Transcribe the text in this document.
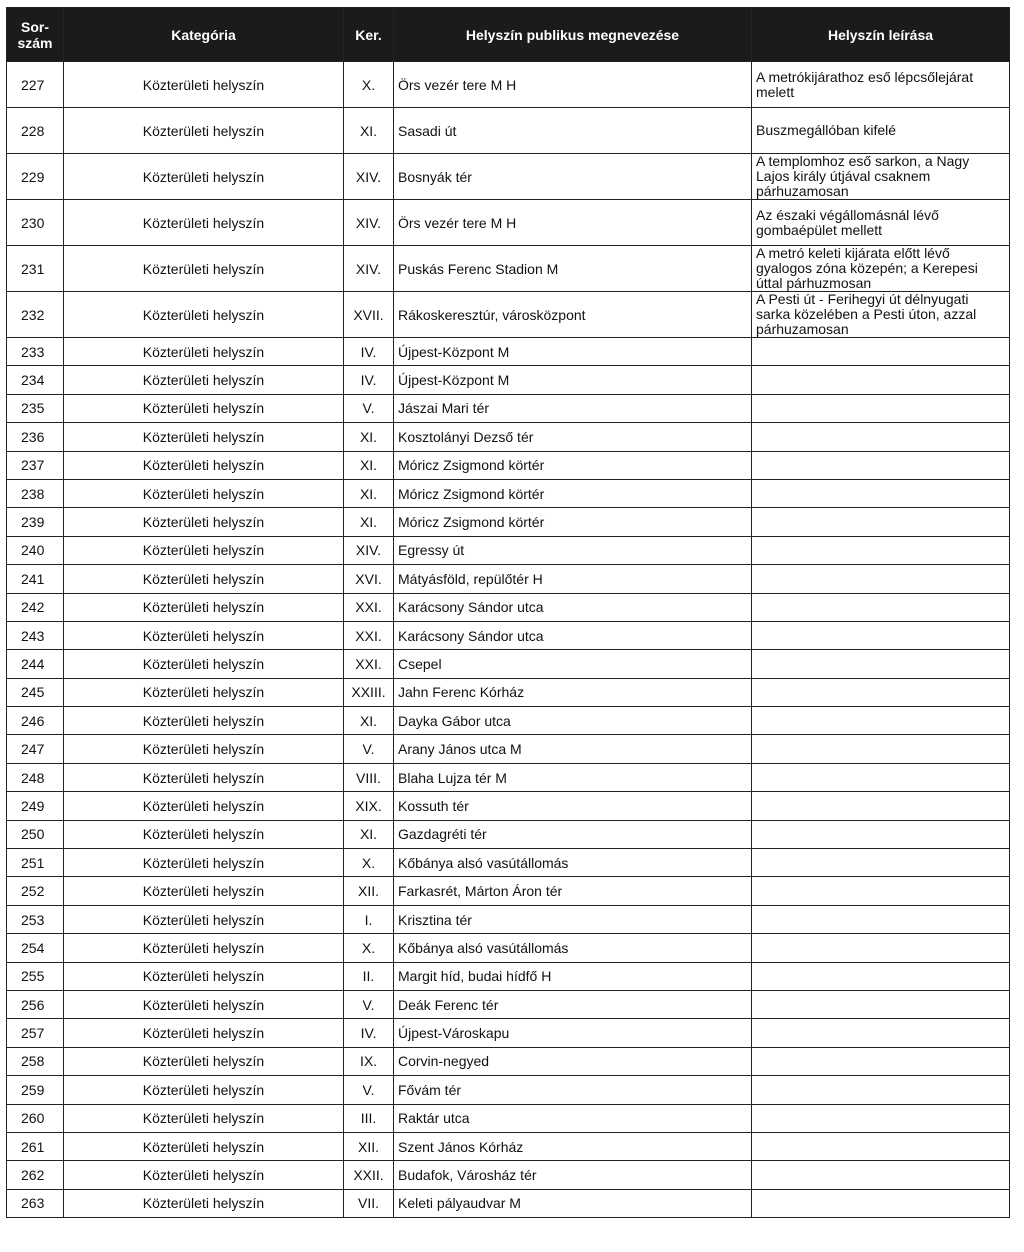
Sor-
szám	Kategória	Ker.	Helyszín publikus megnevezése	Helyszín leírása
227	Közterületi helyszín	X.	Örs vezér tere M H	A metrókijárathoz eső lépcsőlejárat melett
228	Közterületi helyszín	XI.	Sasadi út	Buszmegállóban kifelé
229	Közterületi helyszín	XIV.	Bosnyák tér	A templomhoz eső sarkon, a Nagy Lajos király útjával csaknem párhuzamosan
230	Közterületi helyszín	XIV.	Örs vezér tere M H	Az északi végállomásnál lévő gombaépület mellett
231	Közterületi helyszín	XIV.	Puskás Ferenc Stadion M	A metró keleti kijárata előtt lévő gyalogos zóna közepén; a Kerepesi úttal párhuzmosan
232	Közterületi helyszín	XVII.	Rákoskeresztúr, városközpont	A Pesti út - Ferihegyi út délnyugati sarka közelében a Pesti úton, azzal párhuzamosan
233	Közterületi helyszín	IV.	Újpest-Központ M	
234	Közterületi helyszín	IV.	Újpest-Központ M	
235	Közterületi helyszín	V.	Jászai Mari tér	
236	Közterületi helyszín	XI.	Kosztolányi Dezső tér	
237	Közterületi helyszín	XI.	Móricz Zsigmond körtér	
238	Közterületi helyszín	XI.	Móricz Zsigmond körtér	
239	Közterületi helyszín	XI.	Móricz Zsigmond körtér	
240	Közterületi helyszín	XIV.	Egressy út	
241	Közterületi helyszín	XVI.	Mátyásföld, repülőtér H	
242	Közterületi helyszín	XXI.	Karácsony Sándor utca	
243	Közterületi helyszín	XXI.	Karácsony Sándor utca	
244	Közterületi helyszín	XXI.	Csepel	
245	Közterületi helyszín	XXIII.	Jahn Ferenc Kórház	
246	Közterületi helyszín	XI.	Dayka Gábor utca	
247	Közterületi helyszín	V.	Arany János utca M	
248	Közterületi helyszín	VIII.	Blaha Lujza tér M	
249	Közterületi helyszín	XIX.	Kossuth tér	
250	Közterületi helyszín	XI.	Gazdagréti tér	
251	Közterületi helyszín	X.	Kőbánya alsó vasútállomás	
252	Közterületi helyszín	XII.	Farkasrét, Márton Áron tér	
253	Közterületi helyszín	I.	Krisztina tér	
254	Közterületi helyszín	X.	Kőbánya alsó vasútállomás	
255	Közterületi helyszín	II.	Margit híd, budai hídfő H	
256	Közterületi helyszín	V.	Deák Ferenc tér	
257	Közterületi helyszín	IV.	Újpest-Városkapu	
258	Közterületi helyszín	IX.	Corvin-negyed	
259	Közterületi helyszín	V.	Fővám tér	
260	Közterületi helyszín	III.	Raktár utca	
261	Közterületi helyszín	XII.	Szent János Kórház	
262	Közterületi helyszín	XXII.	Budafok, Városház tér	
263	Közterületi helyszín	VII.	Keleti pályaudvar M	
